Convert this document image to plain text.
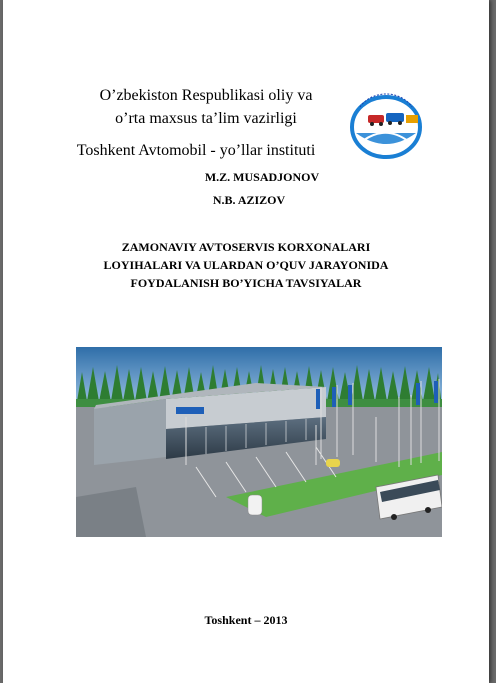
O’zbekiston Respublikasi oliy va
o’rta maxsus ta’lim vazirligi
Toshkent Avtomobil - yo’llar instituti
M.Z. MUSADJONOV
N.B. AZIZOV
ZAMONAVIY AVTOSERVIS KORXONALARI
LOYIHALARI VA ULARDAN O’QUV JARAYONIDA
FOYDALANISH BO’YICHA TAVSIYALAR
Toshkent – 2013
